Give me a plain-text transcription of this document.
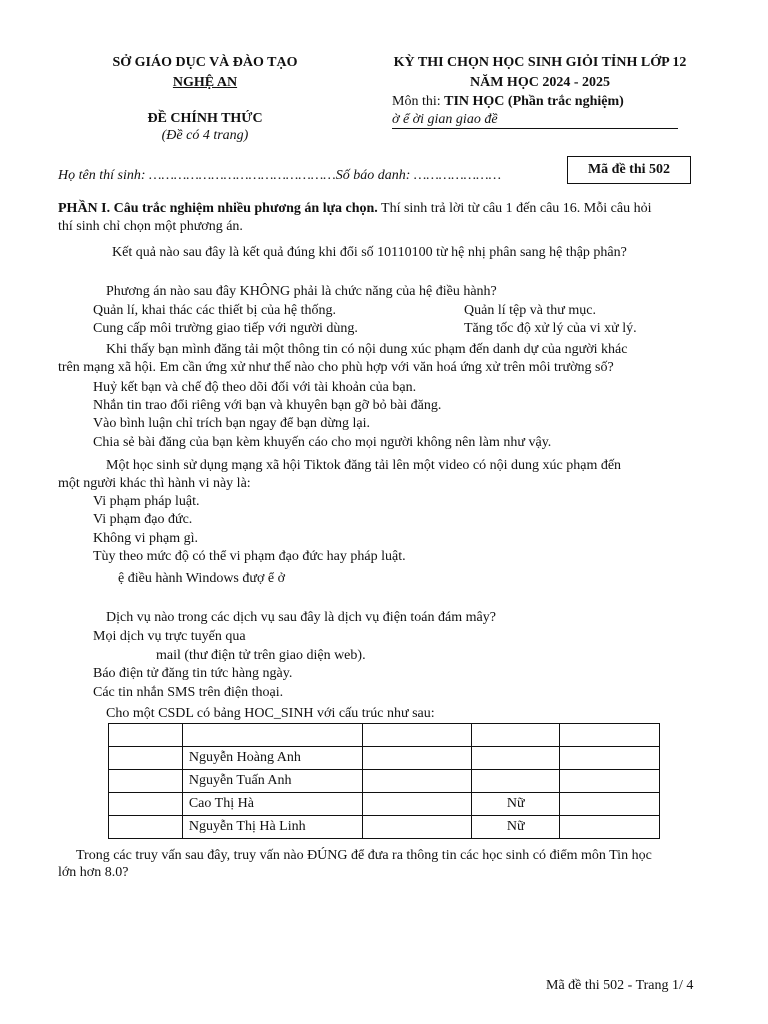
SỞ GIÁO DỤC VÀ ĐÀO TẠO
NGHỆ AN
ĐỀ CHÍNH THỨC
(Đề có 4 trang)
KỲ THI CHỌN HỌC SINH GIỎI TỈNH LỚP 12
NĂM HỌC 2024 - 2025
Môn thi: TIN HỌC (Phần trắc nghiệm)
ờ ể ời gian giao đề
Họ tên thí sinh: ………………………………………Số báo danh: …………………	Mã đề thi 502
PHẦN I. Câu trắc nghiệm nhiều phương án lựa chọn. Thí sinh trả lời từ câu 1 đến câu 16. Mỗi câu hỏi
thí sinh chỉ chọn một phương án.
Kết quả nào sau đây là kết quả đúng khi đổi số 10110100 từ hệ nhị phân sang hệ thập phân?
Phương án nào sau đây KHÔNG phải là chức năng của hệ điều hành?
Quản lí, khai thác các thiết bị của hệ thống.	Quản lí tệp và thư mục.
Cung cấp môi trường giao tiếp với người dùng.	Tăng tốc độ xử lý của vi xử lý.
Khi thấy bạn mình đăng tải một thông tin có nội dung xúc phạm đến danh dự của người khác
trên mạng xã hội. Em cần ứng xử như thế nào cho phù hợp với văn hoá ứng xử trên môi trường số?
Huỷ kết bạn và chế độ theo dõi đối với tài khoản của bạn.
Nhắn tin trao đổi riêng với bạn và khuyên bạn gỡ bỏ bài đăng.
Vào bình luận chỉ trích bạn ngay để bạn dừng lại.
Chia sẻ bài đăng của bạn kèm khuyến cáo cho mọi người không nên làm như vậy.
Một học sinh sử dụng mạng xã hội Tiktok đăng tải lên một video có nội dung xúc phạm đến
một người khác thì hành vi này là:
Vi phạm pháp luật.
Vi phạm đạo đức.
Không vi phạm gì.
Tùy theo mức độ có thể vi phạm đạo đức hay pháp luật.
ệ điều hành Windows đượ ể ở
Dịch vụ nào trong các dịch vụ sau đây là dịch vụ điện toán đám mây?
Mọi dịch vụ trực tuyến qua
mail (thư điện tử trên giao diện web).
Báo điện tử đăng tin tức hàng ngày.
Các tin nhắn SMS trên điện thoại.
Cho một CSDL có bảng HOC_SINH với cấu trúc như sau:

	Nguyễn Hoàng Anh			
	Nguyễn Tuấn Anh			
	Cao Thị Hà		Nữ	
	Nguyễn Thị Hà Linh		Nữ	
Trong các truy vấn sau đây, truy vấn nào ĐÚNG để đưa ra thông tin các học sinh có điểm môn Tin học
lớn hơn 8.0?
Mã đề thi 502 - Trang 1/ 4
